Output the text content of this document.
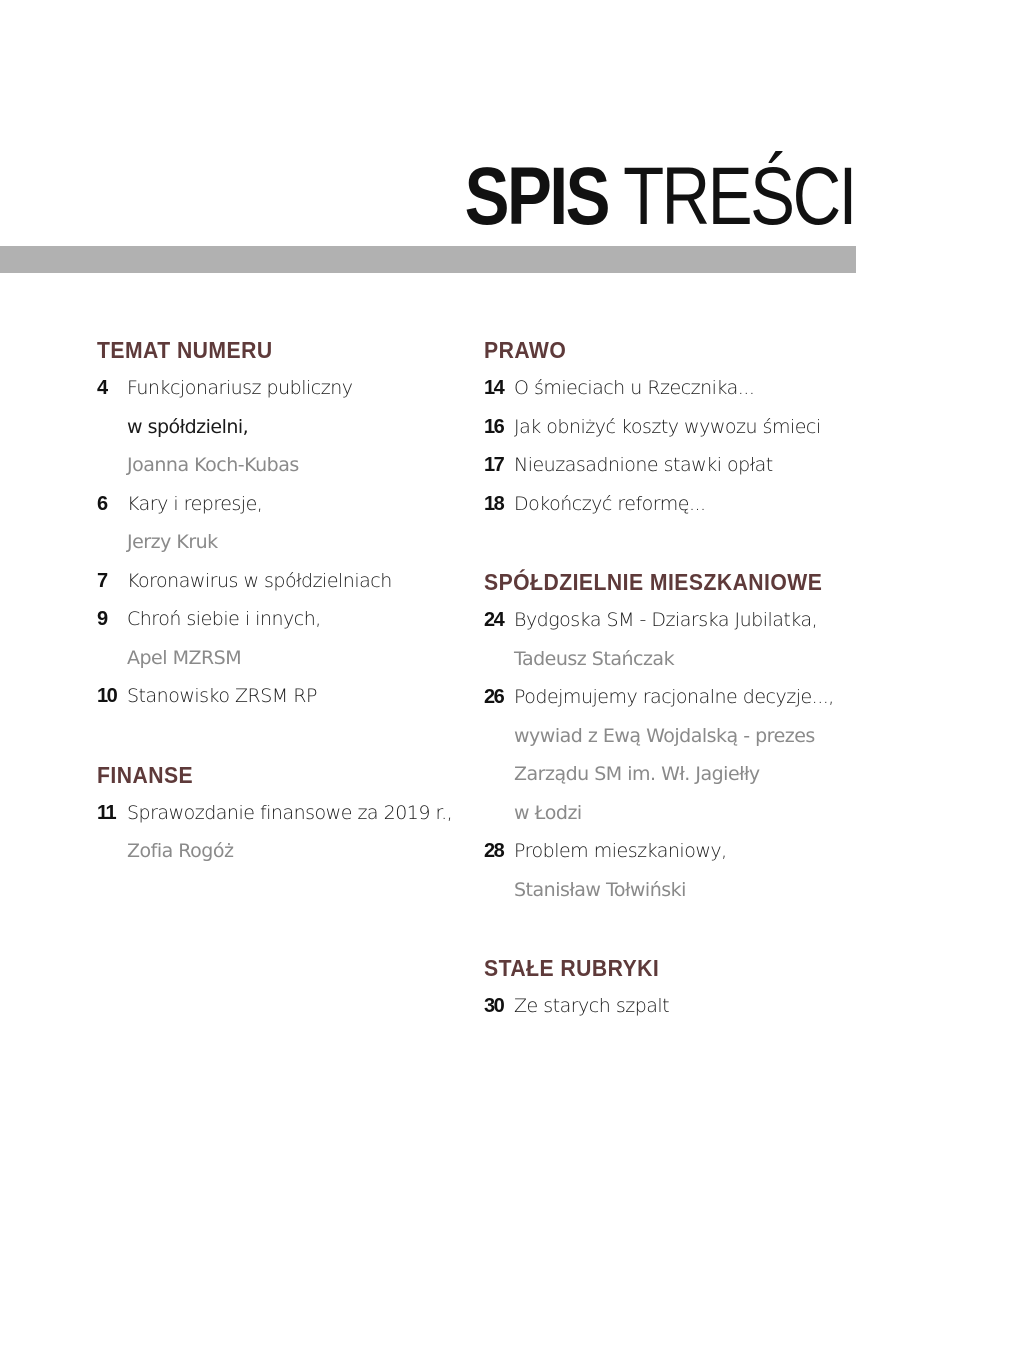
SPIS TREŚCI
TEMAT NUMERU
4	Funkcjonariusz publiczny
w spółdzielni,
Joanna Koch-Kubas
6	Kary i represje,
Jerzy Kruk
7	Koronawirus w spółdzielniach
9	Chroń siebie i innych,
Apel MZRSM
10 Stanowisko ZRSM RP
FINANSE
11 Sprawozdanie finansowe za 2019 r.,
Zofia Rogóż
PRAWO
14 O śmieciach u Rzecznika...
16 Jak obniżyć koszty wywozu śmieci
17 Nieuzasadnione stawki opłat
18 Dokończyć reformę...
SPÓŁDZIELNIE MIESZKANIOWE
24 Bydgoska SM - Dziarska Jubilatka,
Tadeusz Stańczak
26 Podejmujemy racjonalne decyzje...,
wywiad z Ewą Wojdalską - prezes
Zarządu SM im. Wł. Jagiełły
w Łodzi
28 Problem mieszkaniowy,
Stanisław Tołwiński
STAŁE RUBRYKI
30 Ze starych szpalt
